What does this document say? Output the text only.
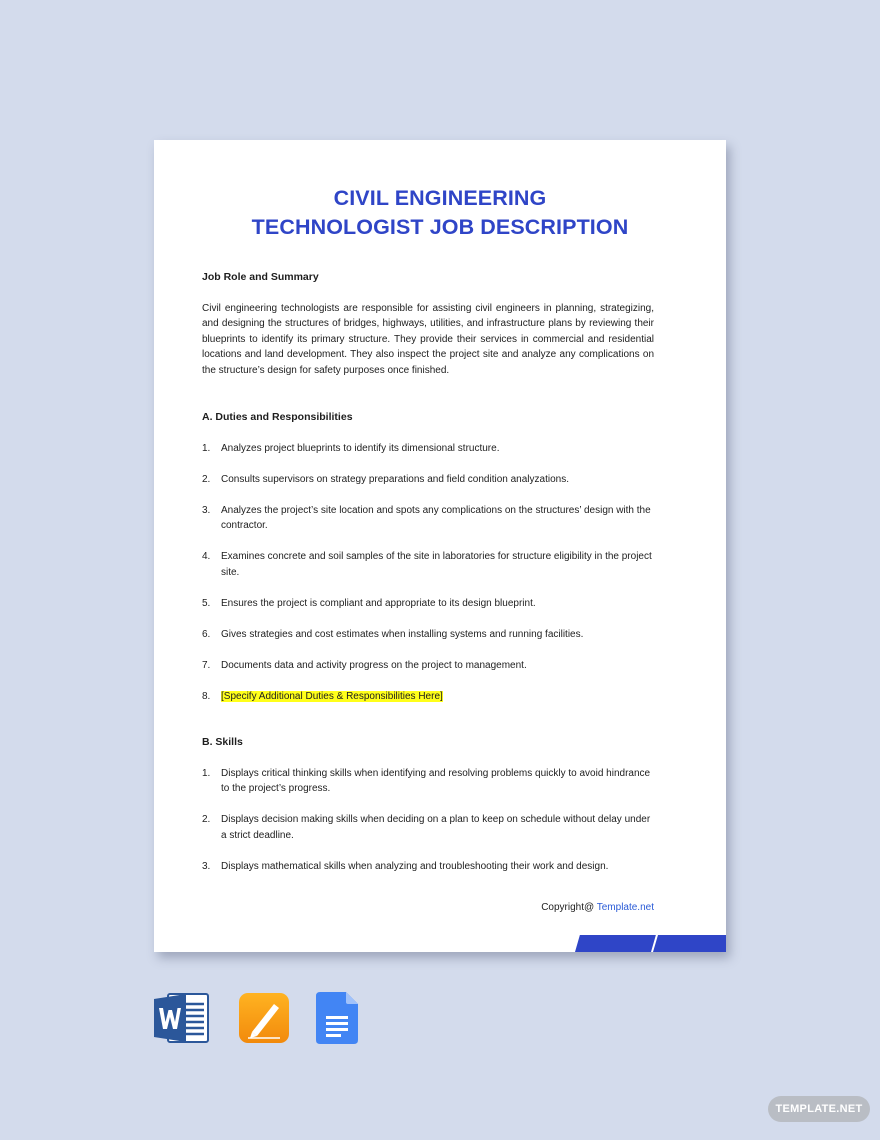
CIVIL ENGINEERING
TECHNOLOGIST JOB DESCRIPTION
Job Role and Summary
Civil engineering technologists are responsible for assisting civil engineers in planning, strategizing, and designing the structures of bridges, highways, utilities, and infrastructure plans by reviewing their blueprints to identify its primary structure. They provide their services in commercial and residential locations and land development. They also inspect the project site and analyze any complications on the structure’s design for safety purposes once finished.
A. Duties and Responsibilities
1. Analyzes project blueprints to identify its dimensional structure.
2. Consults supervisors on strategy preparations and field condition analyzations.
3. Analyzes the project’s site location and spots any complications on the structures’ design with the contractor.
4. Examines concrete and soil samples of the site in laboratories for structure eligibility in the project site.
5. Ensures the project is compliant and appropriate to its design blueprint.
6. Gives strategies and cost estimates when installing systems and running facilities.
7. Documents data and activity progress on the project to management.
8. [Specify Additional Duties & Responsibilities Here]
B. Skills
1. Displays critical thinking skills when identifying and resolving problems quickly to avoid hindrance to the project’s progress.
2. Displays decision making skills when deciding on a plan to keep on schedule without delay under a strict deadline.
3. Displays mathematical skills when analyzing and troubleshooting their work and design.
Copyright@ Template.net
TEMPLATE.NET
